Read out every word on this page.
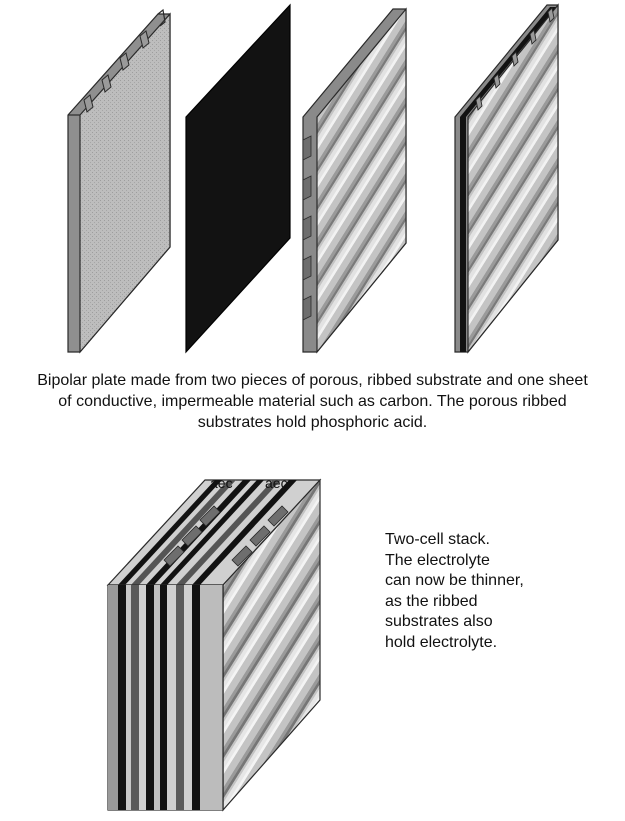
Bipolar plate made from two pieces of porous, ribbed substrate and one sheet
of conductive, impermeable material such as carbon. The porous ribbed
substrates hold phosphoric acid.

aec aec

Two-cell stack.
The electrolyte
can now be thinner,
as the ribbed
substrates also
hold electrolyte.
